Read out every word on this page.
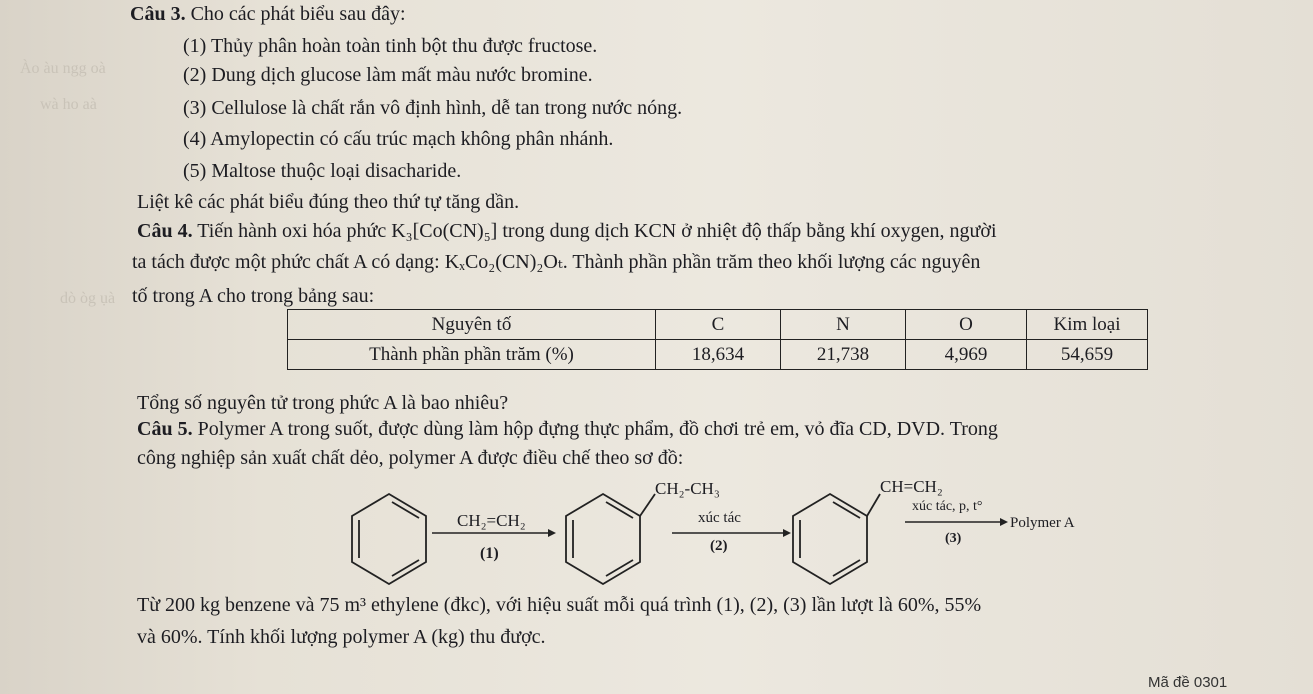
Ào àu ngg oà
wà ho aà
dò òg ụà
Câu 3. Cho các phát biểu sau đây:
(1) Thủy phân hoàn toàn tinh bột thu được fructose.
(2) Dung dịch glucose làm mất màu nước bromine.
(3) Cellulose là chất rắn vô định hình, dễ tan trong nước nóng.
(4) Amylopectin có cấu trúc mạch không phân nhánh.
(5) Maltose thuộc loại disacharide.
Liệt kê các phát biểu đúng theo thứ tự tăng dần.
Câu 4. Tiến hành oxi hóa phức K₃[Co(CN)₅] trong dung dịch KCN ở nhiệt độ thấp bằng khí oxygen, người
ta tách được một phức chất A có dạng: KₓCo₂(CN)₂Oₜ. Thành phần phần trăm theo khối lượng các nguyên
tố trong A cho trong bảng sau:
Nguyên tố	C	N	O	Kim loại
Thành phần phần trăm (%)	18,634	21,738	4,969	54,659
Tổng số nguyên tử trong phức A là bao nhiêu?
Câu 5. Polymer A trong suốt, được dùng làm hộp đựng thực phẩm, đồ chơi trẻ em, vỏ đĩa CD, DVD. Trong
công nghiệp sản xuất chất dẻo, polymer A được điều chế theo sơ đồ:
CH₂=CH₂
(1)
CH₂-CH₃
xúc tác
(2)
CH=CH₂
xúc tác, p, t°
(3)
Polymer A
Từ 200 kg benzene và 75 m³ ethylene (đkc), với hiệu suất mỗi quá trình (1), (2), (3) lần lượt là 60%, 55%
và 60%. Tính khối lượng polymer A (kg) thu được.
Mã đề 0301
